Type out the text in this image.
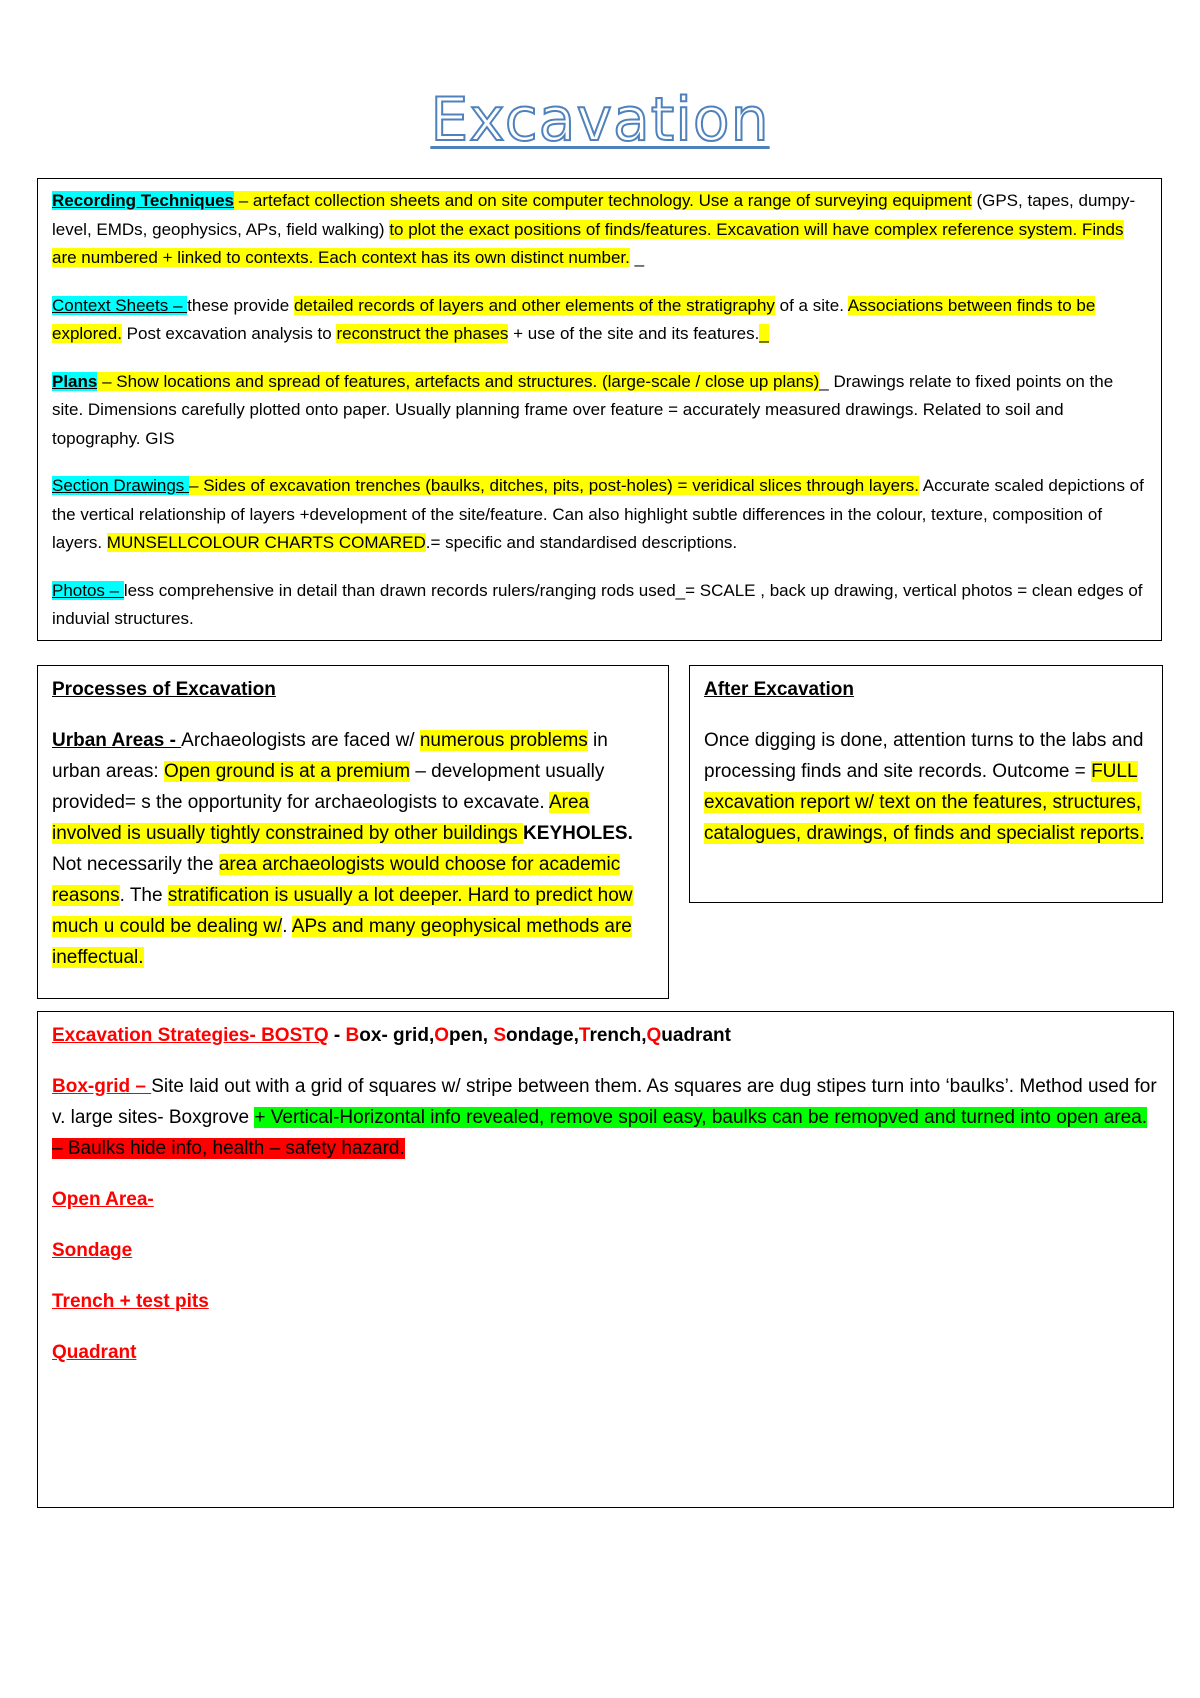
Excavation

Recording Techniques – artefact collection sheets and on site computer technology. Use a range of surveying equipment (GPS, tapes, dumpy- level, EMDs, geophysics, APs, field walking) to plot the exact positions of finds/features. Excavation will have complex reference system. Finds are numbered + linked to contexts. Each context has its own distinct number. _

Context Sheets – these provide detailed records of layers and other elements of the stratigraphy of a site. Associations between finds to be explored. Post excavation analysis to reconstruct the phases + use of the site and its features._

Plans – Show locations and spread of features, artefacts and structures. (large-scale / close up plans)_ Drawings relate to fixed points on the site. Dimensions carefully plotted onto paper. Usually planning frame over feature = accurately measured drawings. Related to soil and topography. GIS

Section Drawings – Sides of excavation trenches (baulks, ditches, pits, post-holes) = veridical slices through layers. Accurate scaled depictions of the vertical relationship of layers +development of the site/feature. Can also highlight subtle differences in the colour, texture, composition of layers. MUNSELLCOLOUR CHARTS COMARED.= specific and standardised descriptions.

Photos – less comprehensive in detail than drawn records rulers/ranging rods used_= SCALE , back up drawing, vertical photos = clean edges of induvial structures.

Processes of Excavation

Urban Areas - Archaeologists are faced w/ numerous problems in urban areas: Open ground is at a premium – development usually provided= s the opportunity for archaeologists to excavate. Area involved is usually tightly constrained by other buildings KEYHOLES. Not necessarily the area archaeologists would choose for academic reasons. The stratification is usually a lot deeper. Hard to predict how much u could be dealing w/. APs and many geophysical methods are ineffectual.

After Excavation

Once digging is done, attention turns to the labs and processing finds and site records. Outcome = FULL excavation report w/ text on the features, structures, catalogues, drawings, of finds and specialist reports.

Excavation Strategies- BOSTQ - Box- grid,Open, Sondage,Trench,Quadrant

Box-grid – Site laid out with a grid of squares w/ stripe between them. As squares are dug stipes turn into ‘baulks’. Method used for v. large sites- Boxgrove + Vertical-Horizontal info revealed, remove spoil easy, baulks can be remopved and turned into open area. – Baulks hide info, health – safety hazard.

Open Area-

Sondage

Trench + test pits

Quadrant
